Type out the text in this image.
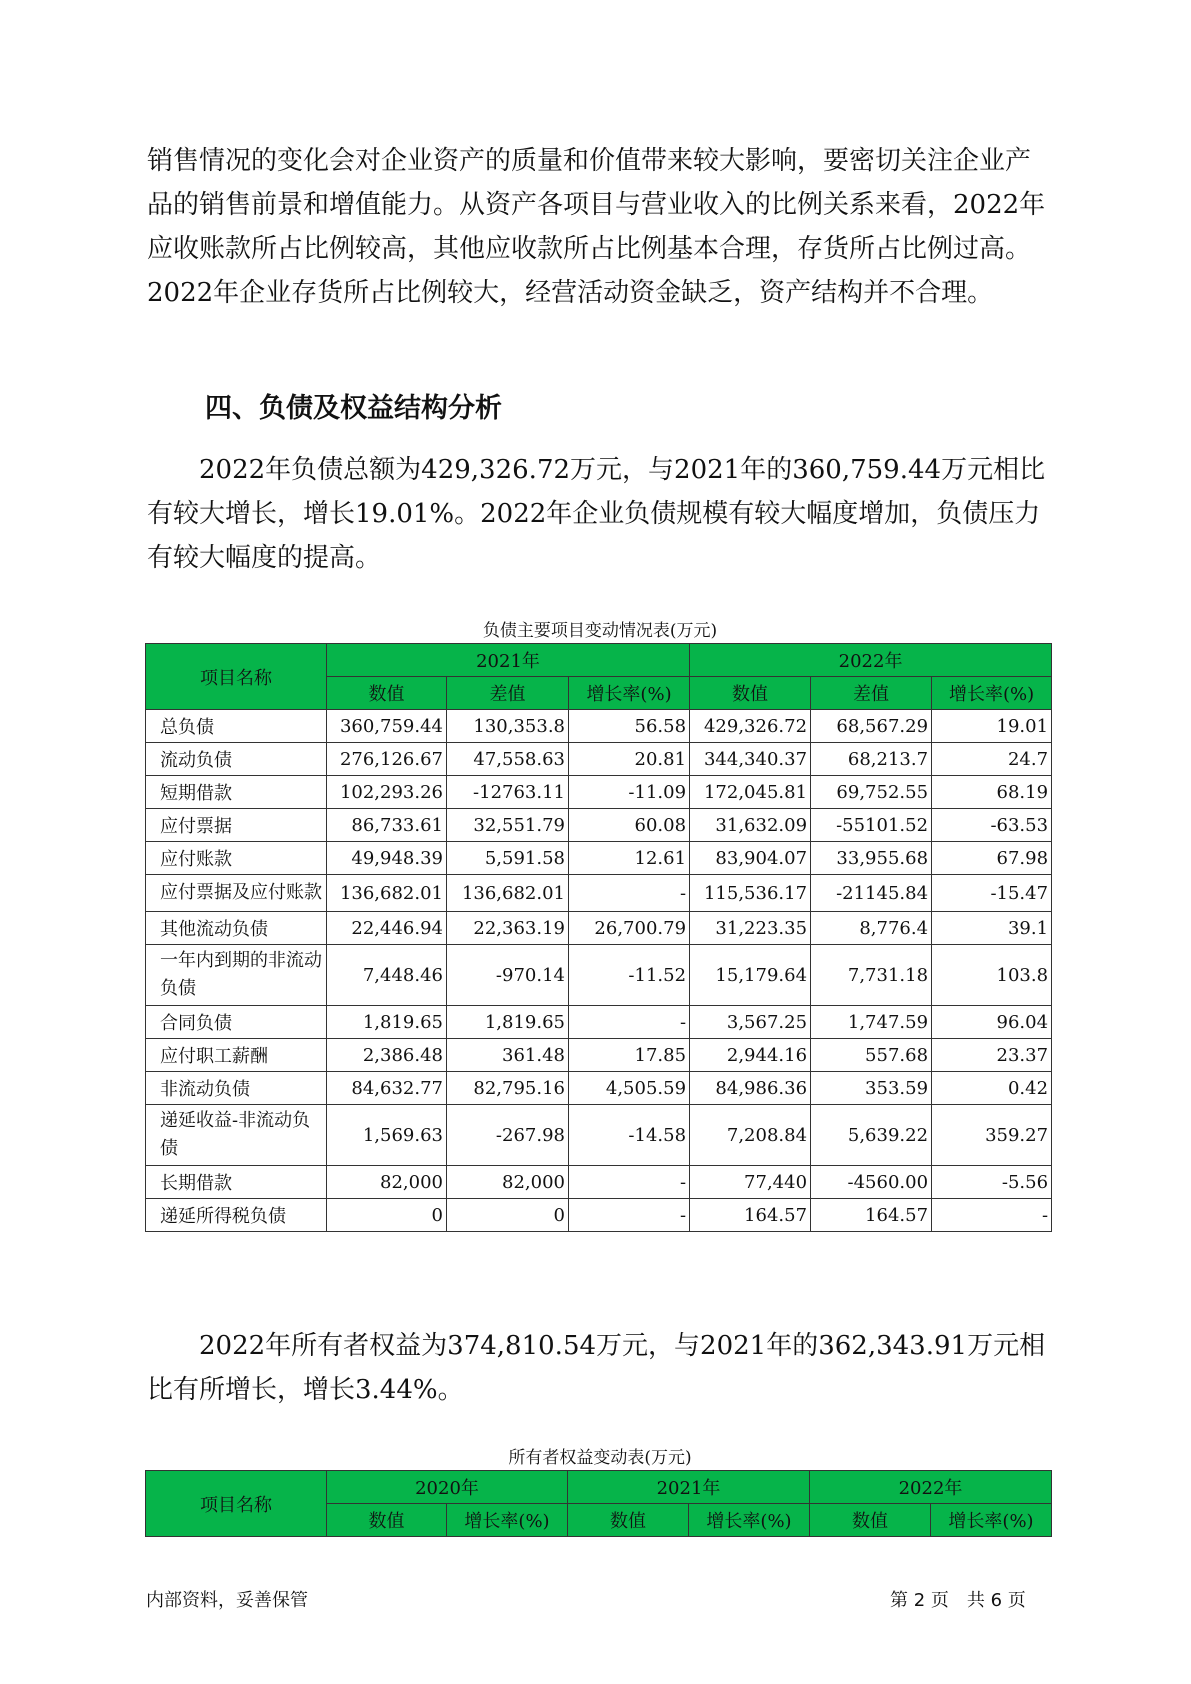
销售情况的变化会对企业资产的质量和价值带来较大影响，要密切关注企业产品的销售前景和增值能力。从资产各项目与营业收入的比例关系来看，2022年应收账款所占比例较高，其他应收款所占比例基本合理，存货所占比例过高。2022年企业存货所占比例较大，经营活动资金缺乏，资产结构并不合理。

四、负债及权益结构分析

2022年负债总额为429,326.72万元，与2021年的360,759.44万元相比有较大增长，增长19.01%。2022年企业负债规模有较大幅度增加，负债压力有较大幅度的提高。

负债主要项目变动情况表(万元)

项目名称	2021年			2022年		
	数值	差值	增长率(%)	数值	差值	增长率(%)
总负债	360,759.44	130,353.8	56.58	429,326.72	68,567.29	19.01
流动负债	276,126.67	47,558.63	20.81	344,340.37	68,213.7	24.7
短期借款	102,293.26	-12763.11	-11.09	172,045.81	69,752.55	68.19
应付票据	86,733.61	32,551.79	60.08	31,632.09	-55101.52	-63.53
应付账款	49,948.39	5,591.58	12.61	83,904.07	33,955.68	67.98
应付票据及应付账款	136,682.01	136,682.01	-	115,536.17	-21145.84	-15.47
其他流动负债	22,446.94	22,363.19	26,700.79	31,223.35	8,776.4	39.1
一年内到期的非流动负债	7,448.46	-970.14	-11.52	15,179.64	7,731.18	103.8
合同负债	1,819.65	1,819.65	-	3,567.25	1,747.59	96.04
应付职工薪酬	2,386.48	361.48	17.85	2,944.16	557.68	23.37
非流动负债	84,632.77	82,795.16	4,505.59	84,986.36	353.59	0.42
递延收益-非流动负债	1,569.63	-267.98	-14.58	7,208.84	5,639.22	359.27
长期借款	82,000	82,000	-	77,440	-4560.00	-5.56
递延所得税负债	0	0	-	164.57	164.57	-

2022年所有者权益为374,810.54万元，与2021年的362,343.91万元相比有所增长，增长3.44%。

所有者权益变动表(万元)

项目名称	2020年		2021年		2022年	
	数值	增长率(%)	数值	增长率(%)	数值	增长率(%)
内部资料，妥善保管	第 2 页　共 6 页
